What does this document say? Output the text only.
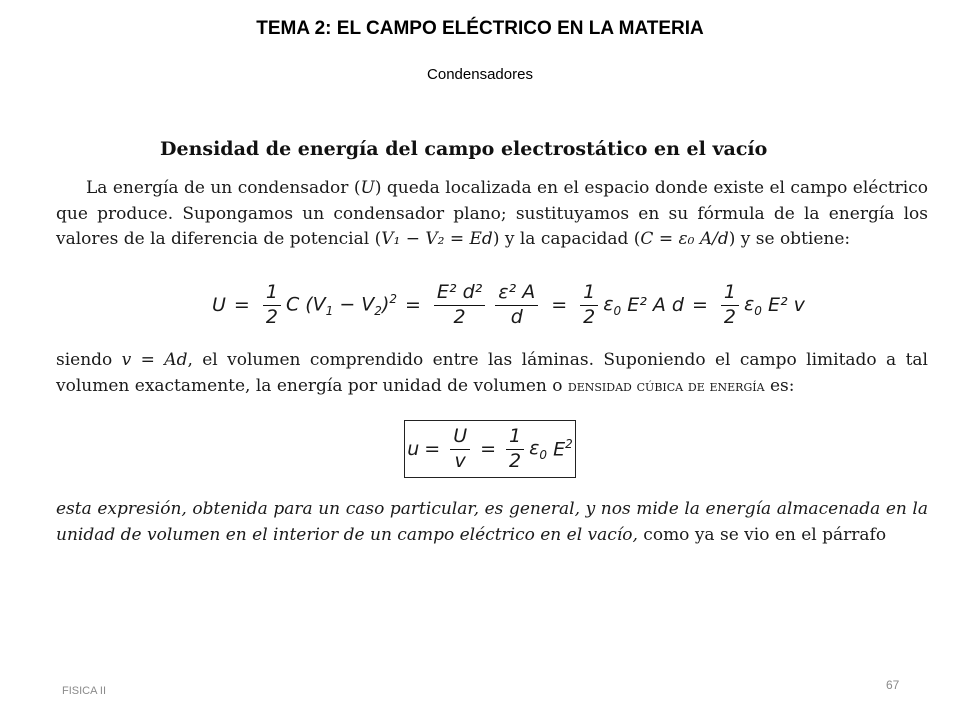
TEMA 2: EL CAMPO ELÉCTRICO EN LA MATERIA
Condensadores
Densidad de energía del campo electrostático en el vacío
La energía de un condensador (U) queda localizada en el espacio donde existe el campo eléctrico que produce. Supongamos un condensador plano; sustituyamos en su fórmula de la energía los valores de la diferencia de potencial (V₁ − V₂ = Ed) y la capacidad (C = ε₀ A/d) y se obtiene:
$U = \frac{1}{2}$ C $(V_1 - V_2)^2 = \frac{\text{E² d²}}{2} \frac{\text{ε² A}}{d} = \frac{1}{2} \varepsilon_0$
E² A $d = \frac{1}{2} \varepsilon_0$
E² v
siendo v = Ad, el volumen comprendido entre las láminas. Suponiendo el campo limitado a tal volumen exactamente, la energía por unidad de volumen o densidad cúbica de energía es:
$u = \frac{U}{v} = \frac{1}{2} \varepsilon_0$
$E^2$
esta expresión, obtenida para un caso particular, es general, y nos mide la energía almacenada en la unidad de volumen en el interior de un campo eléctrico en el vacío, como ya se vio en el párrafo
FISICA II	67
